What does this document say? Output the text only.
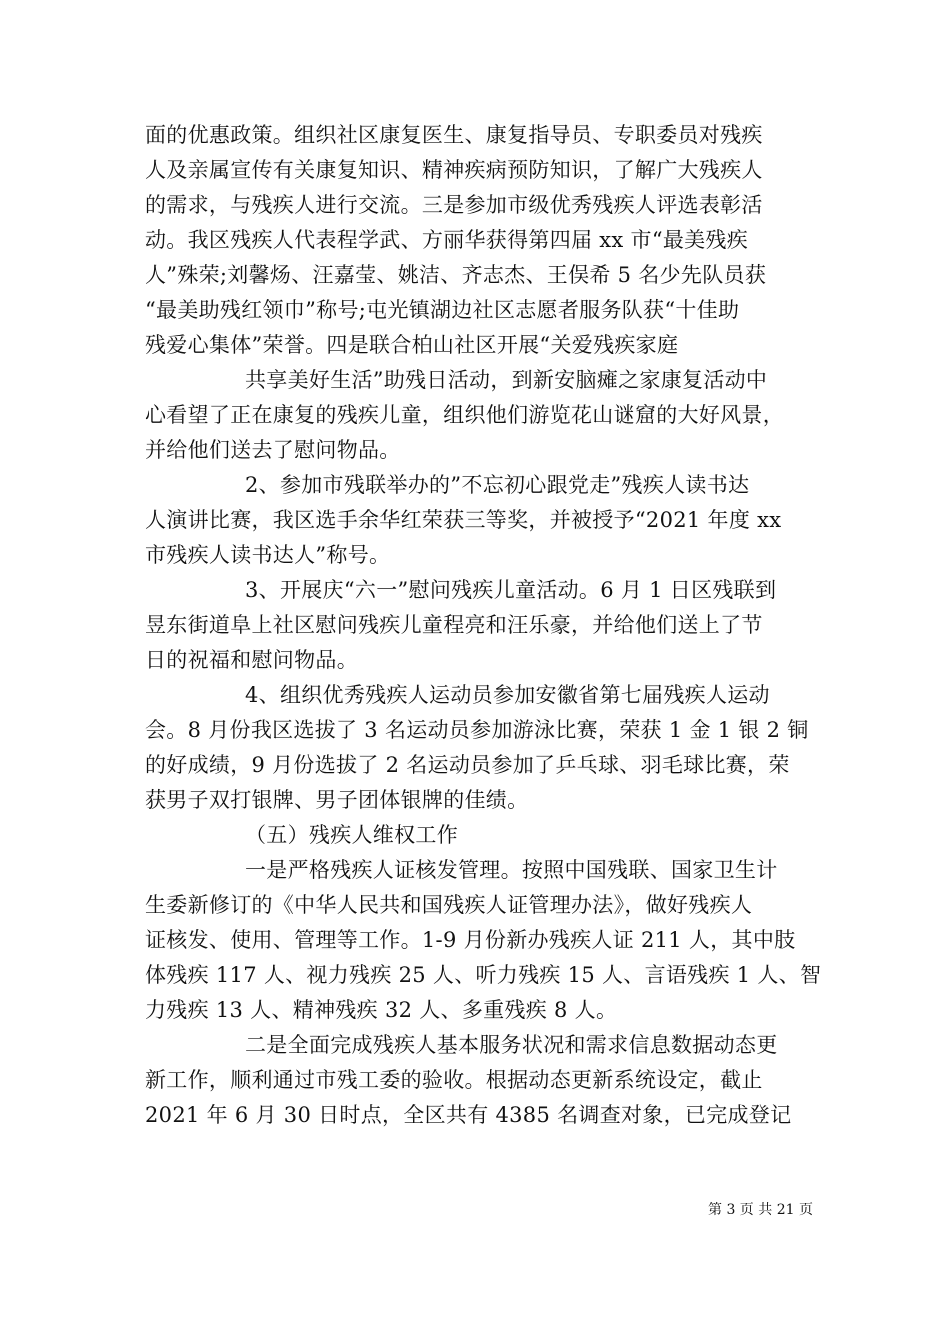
面的优惠政策。组织社区康复医生、康复指导员、专职委员对残疾
人及亲属宣传有关康复知识、精神疾病预防知识，了解广大残疾人
的需求，与残疾人进行交流。三是参加市级优秀残疾人评选表彰活
动。我区残疾人代表程学武、方丽华获得第四届 xx 市“最美残疾
人”殊荣;刘馨炀、汪嘉莹、姚洁、齐志杰、王俣希 5 名少先队员获
“最美助残红领巾”称号;屯光镇湖边社区志愿者服务队获“十佳助
残爱心集体”荣誉。四是联合柏山社区开展“关爱残疾家庭
共享美好生活”助残日活动，到新安脑瘫之家康复活动中
心看望了正在康复的残疾儿童，组织他们游览花山谜窟的大好风景，
并给他们送去了慰问物品。
2、参加市残联举办的”不忘初心跟党走”残疾人读书达
人演讲比赛，我区选手余华红荣获三等奖，并被授予“2021 年度 xx
市残疾人读书达人”称号。
3、开展庆“六一”慰问残疾儿童活动。6 月 1 日区残联到
昱东街道阜上社区慰问残疾儿童程亮和汪乐豪，并给他们送上了节
日的祝福和慰问物品。
4、组织优秀残疾人运动员参加安徽省第七届残疾人运动
会。8 月份我区选拔了 3 名运动员参加游泳比赛，荣获 1 金 1 银 2 铜
的好成绩，9 月份选拔了 2 名运动员参加了乒乓球、羽毛球比赛，荣
获男子双打银牌、男子团体银牌的佳绩。
（五）残疾人维权工作
一是严格残疾人证核发管理。按照中国残联、国家卫生计
生委新修订的《中华人民共和国残疾人证管理办法》，做好残疾人
证核发、使用、管理等工作。1-9 月份新办残疾人证 211 人，其中肢
体残疾 117 人、视力残疾 25 人、听力残疾 15 人、言语残疾 1 人、智
力残疾 13 人、精神残疾 32 人、多重残疾 8 人。
二是全面完成残疾人基本服务状况和需求信息数据动态更
新工作，顺利通过市残工委的验收。根据动态更新系统设定，截止
2021 年 6 月 30 日时点，全区共有 4385 名调查对象，已完成登记
第 3 页 共 21 页
